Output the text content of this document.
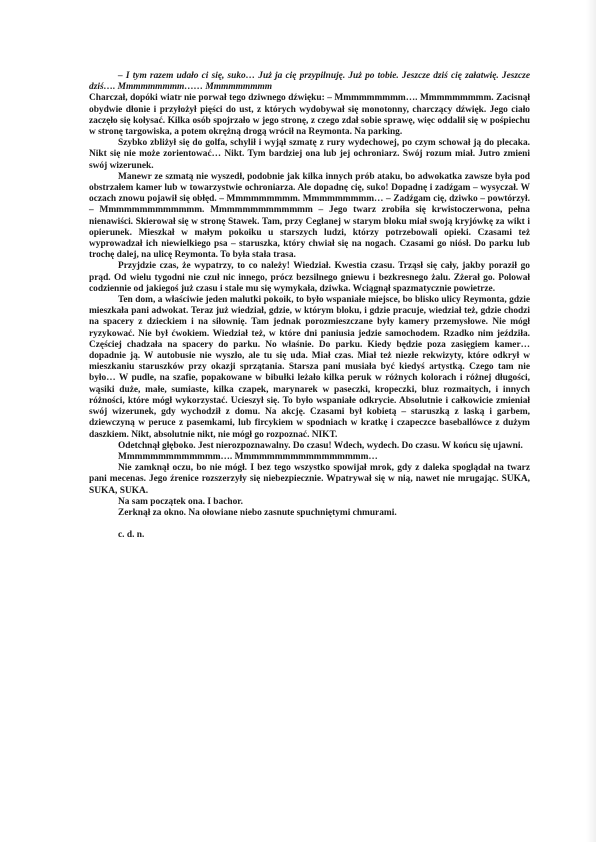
– I tym razem udało ci się, suko… Już ja cię przypilnuję. Już po tobie. Jeszcze dziś cię załatwię. Jeszcze dziś…. Mmmmmmmmm…… Mmmmmmmmm

Charczał, dopóki wiatr nie porwał tego dziwnego dźwięku: – Mmmmmmmmm…. Mmmmmmmmm. Zacisnął obydwie dłonie i przyłożył pięści do ust, z których wydobywał się monotonny, charczący dźwięk. Jego ciało zaczęło się kołysać. Kilka osób spojrzało w jego stronę, z czego zdał sobie sprawę, więc oddalił się w pośpiechu w stronę targowiska, a potem okrężną drogą wrócił na Reymonta. Na parking.

Szybko zbliżył się do golfa, schylił i wyjął szmatę z rury wydechowej, po czym schował ją do plecaka. Nikt się nie może zorientować… Nikt. Tym bardziej ona lub jej ochroniarz. Swój rozum miał. Jutro zmieni swój wizerunek.

Manewr ze szmatą nie wyszedł, podobnie jak kilka innych prób ataku, bo adwokatka zawsze była pod obstrzałem kamer lub w towarzystwie ochroniarza. Ale dopadnę cię, suko! Dopadnę i zadźgam – wysyczał. W oczach znowu pojawił się obłęd. – Mmmmmmmmm. Mmmmmmmmm… – Zadźgam cię, dziwko – powtórzył. – Mmmmmmmmmmmmm. Mmmmmmmmmmmmm – Jego twarz zrobiła się krwistoczerwona, pełna nienawiści. Skierował się w stronę Stawek. Tam, przy Ceglanej w starym bloku miał swoją kryjówkę za wikt i opierunek. Mieszkał w małym pokoiku u starszych ludzi, którzy potrzebowali opieki. Czasami też wyprowadzał ich niewielkiego psa – staruszka, który chwiał się na nogach. Czasami go niósł. Do parku lub trochę dalej, na ulicę Reymonta. To była stała trasa.

Przyjdzie czas, że wypatrzy, to co należy! Wiedział. Kwestia czasu. Trząsł się cały, jakby poraził go prąd. Od wielu tygodni nie czuł nic innego, prócz bezsilnego gniewu i bezkresnego żalu. Zżerał go. Polował codziennie od jakiegoś już czasu i stale mu się wymykała, dziwka. Wciągnął spazmatycznie powietrze.

Ten dom, a właściwie jeden malutki pokoik, to było wspaniałe miejsce, bo blisko ulicy Reymonta, gdzie mieszkała pani adwokat. Teraz już wiedział, gdzie, w którym bloku, i gdzie pracuje, wiedział też, gdzie chodzi na spacery z dzieckiem i na siłownię. Tam jednak porozmieszczane były kamery przemysłowe. Nie mógł ryzykować. Nie był ćwokiem. Wiedział też, w które dni paniusia jedzie samochodem. Rzadko nim jeździła. Częściej chadzała na spacery do parku. No właśnie. Do parku. Kiedy będzie poza zasięgiem kamer… dopadnie ją. W autobusie nie wyszło, ale tu się uda. Miał czas. Miał też niezłe rekwizyty, które odkrył w mieszkaniu staruszków przy okazji sprzątania. Starsza pani musiała być kiedyś artystką. Czego tam nie było… W pudle, na szafie, popakowane w bibułki leżało kilka peruk w różnych kolorach i różnej długości, wąsiki duże, małe, sumiaste, kilka czapek, marynarek w paseczki, kropeczki, bluz rozmaitych, i innych różności, które mógł wykorzystać. Ucieszył się. To było wspaniałe odkrycie. Absolutnie i całkowicie zmieniał swój wizerunek, gdy wychodził z domu. Na akcję. Czasami był kobietą – staruszką z laską i garbem, dziewczyną w peruce z pasemkami, lub fircykiem w spodniach w kratkę i czapeczce baseballówce z dużym daszkiem. Nikt, absolutnie nikt, nie mógł go rozpoznać. NIKT.

Odetchnął głęboko. Jest nierozpoznawalny. Do czasu! Wdech, wydech. Do czasu. W końcu się ujawni.

Mmmmmmmmmmmmm…. Mmmmmmmmmmmmmmmmm…

Nie zamknął oczu, bo nie mógł. I bez tego wszystko spowijał mrok, gdy z daleka spoglądał na twarz pani mecenas. Jego źrenice rozszerzyły się niebezpiecznie. Wpatrywał się w nią, nawet nie mrugając. SUKA, SUKA, SUKA.

Na sam początek ona. I bachor.

Zerknął za okno. Na ołowiane niebo zasnute spuchniętymi chmurami.

c. d. n.
